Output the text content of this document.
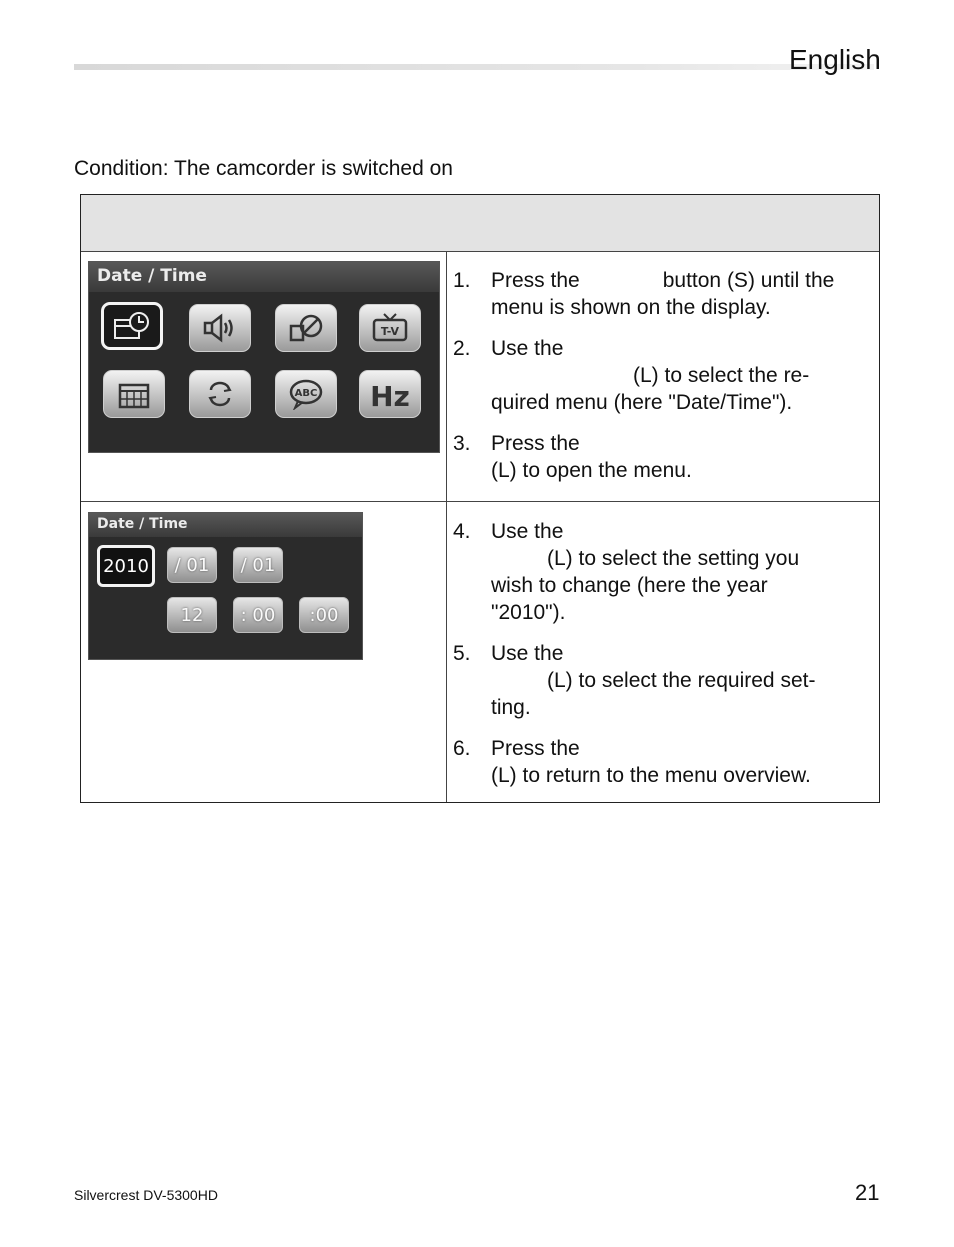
English
Condition: The camcorder is switched on
Date / Time
T-V
ABC Hz
1. Press the	button (S) until the
menu is shown on the display.
2. Use the
(L) to select the re-
quired menu (here "Date/Time").
3. Press the
(L) to open the menu.
Date / Time
2010	/ 01	/ 01
12	: 00	:00
4. Use the
(L) to select the setting you
wish to change (here the year
"2010").
5. Use the
(L) to select the required set-
ting.
6. Press the
(L) to return to the menu overview.
Silvercrest DV-5300HD	21
